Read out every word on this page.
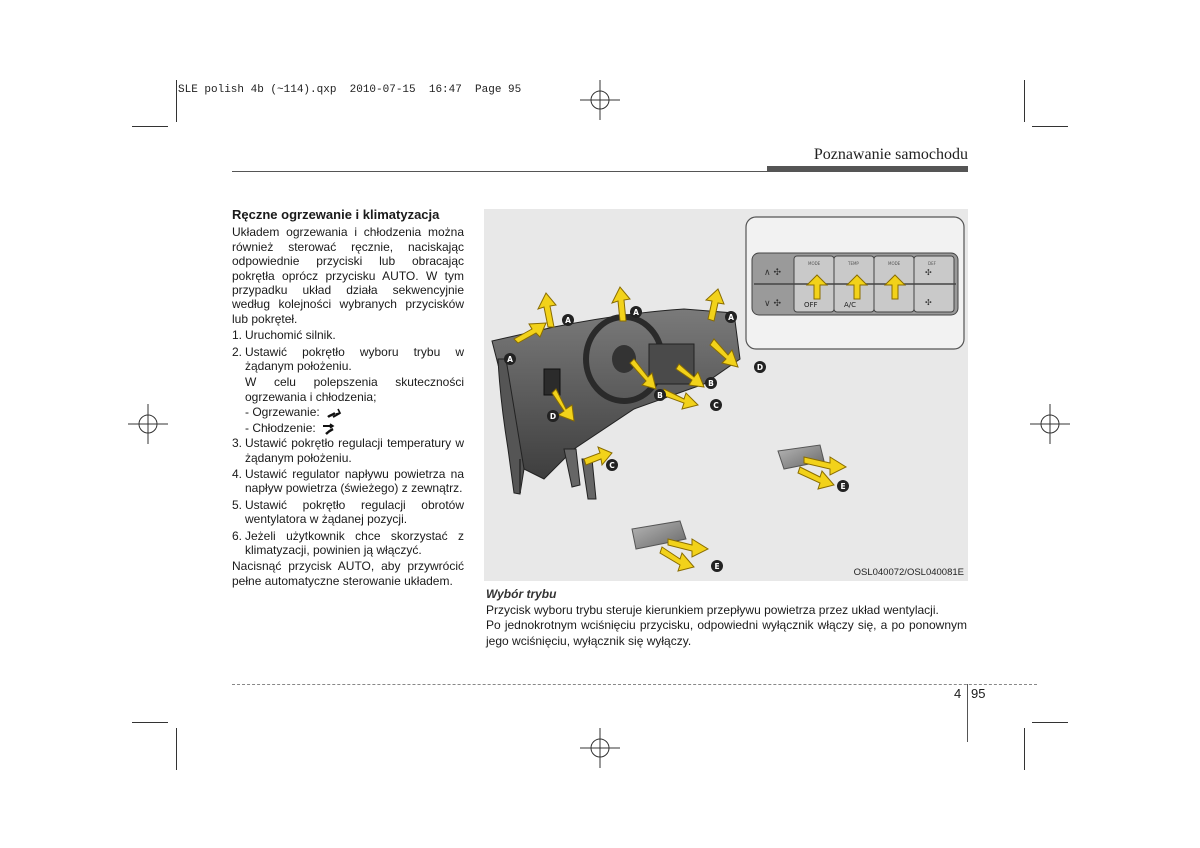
SLE polish 4b (~114).qxp  2010-07-15  16:47  Page 95
Poznawanie samochodu
Ręczne ogrzewanie i klimatyzacja

Układem ogrzewania i chłodzenia można również sterować ręcznie, naciskając odpowiednie przyciski lub obracając pokrętła oprócz przycisku AUTO. W tym przypadku układ działa sekwencyjnie według kolejności wybranych przycisków lub pokręteł.

1. Uruchomić silnik.
2. Ustawić pokrętło wyboru trybu w żądanym położeniu.
W celu polepszenia skuteczności ogrzewania i chłodzenia;
- Ogrzewanie:
- Chłodzenie:
3. Ustawić pokrętło regulacji temperatury w żądanym położeniu.
4. Ustawić regulator napływu powietrza na napływ powietrza (świeżego) z zewnątrz.
5. Ustawić pokrętło regulacji obrotów wentylatora w żądanej pozycji.
6. Jeżeli użytkownik chce skorzystać z klimatyzacji, powinien ją włączyć.

Nacisnąć przycisk AUTO, aby przywrócić pełne automatyczne sterowanie układem.

∧ ✣
∨ ✣
MODE	TEMP	MODE	DEF
OFF	A/C
✣
✣
A
A
A
A
B
B
C
C
D
D
E
E
OSL040072/OSL040081E
Wybór trybu

Przycisk wyboru trybu steruje kierunkiem przepływu powietrza przez układ wentylacji.

Po jednokrotnym wciśnięciu przycisku, odpowiedni wyłącznik włączy się, a po ponownym jego wciśnięciu, wyłącznik się wyłączy.

4 95
